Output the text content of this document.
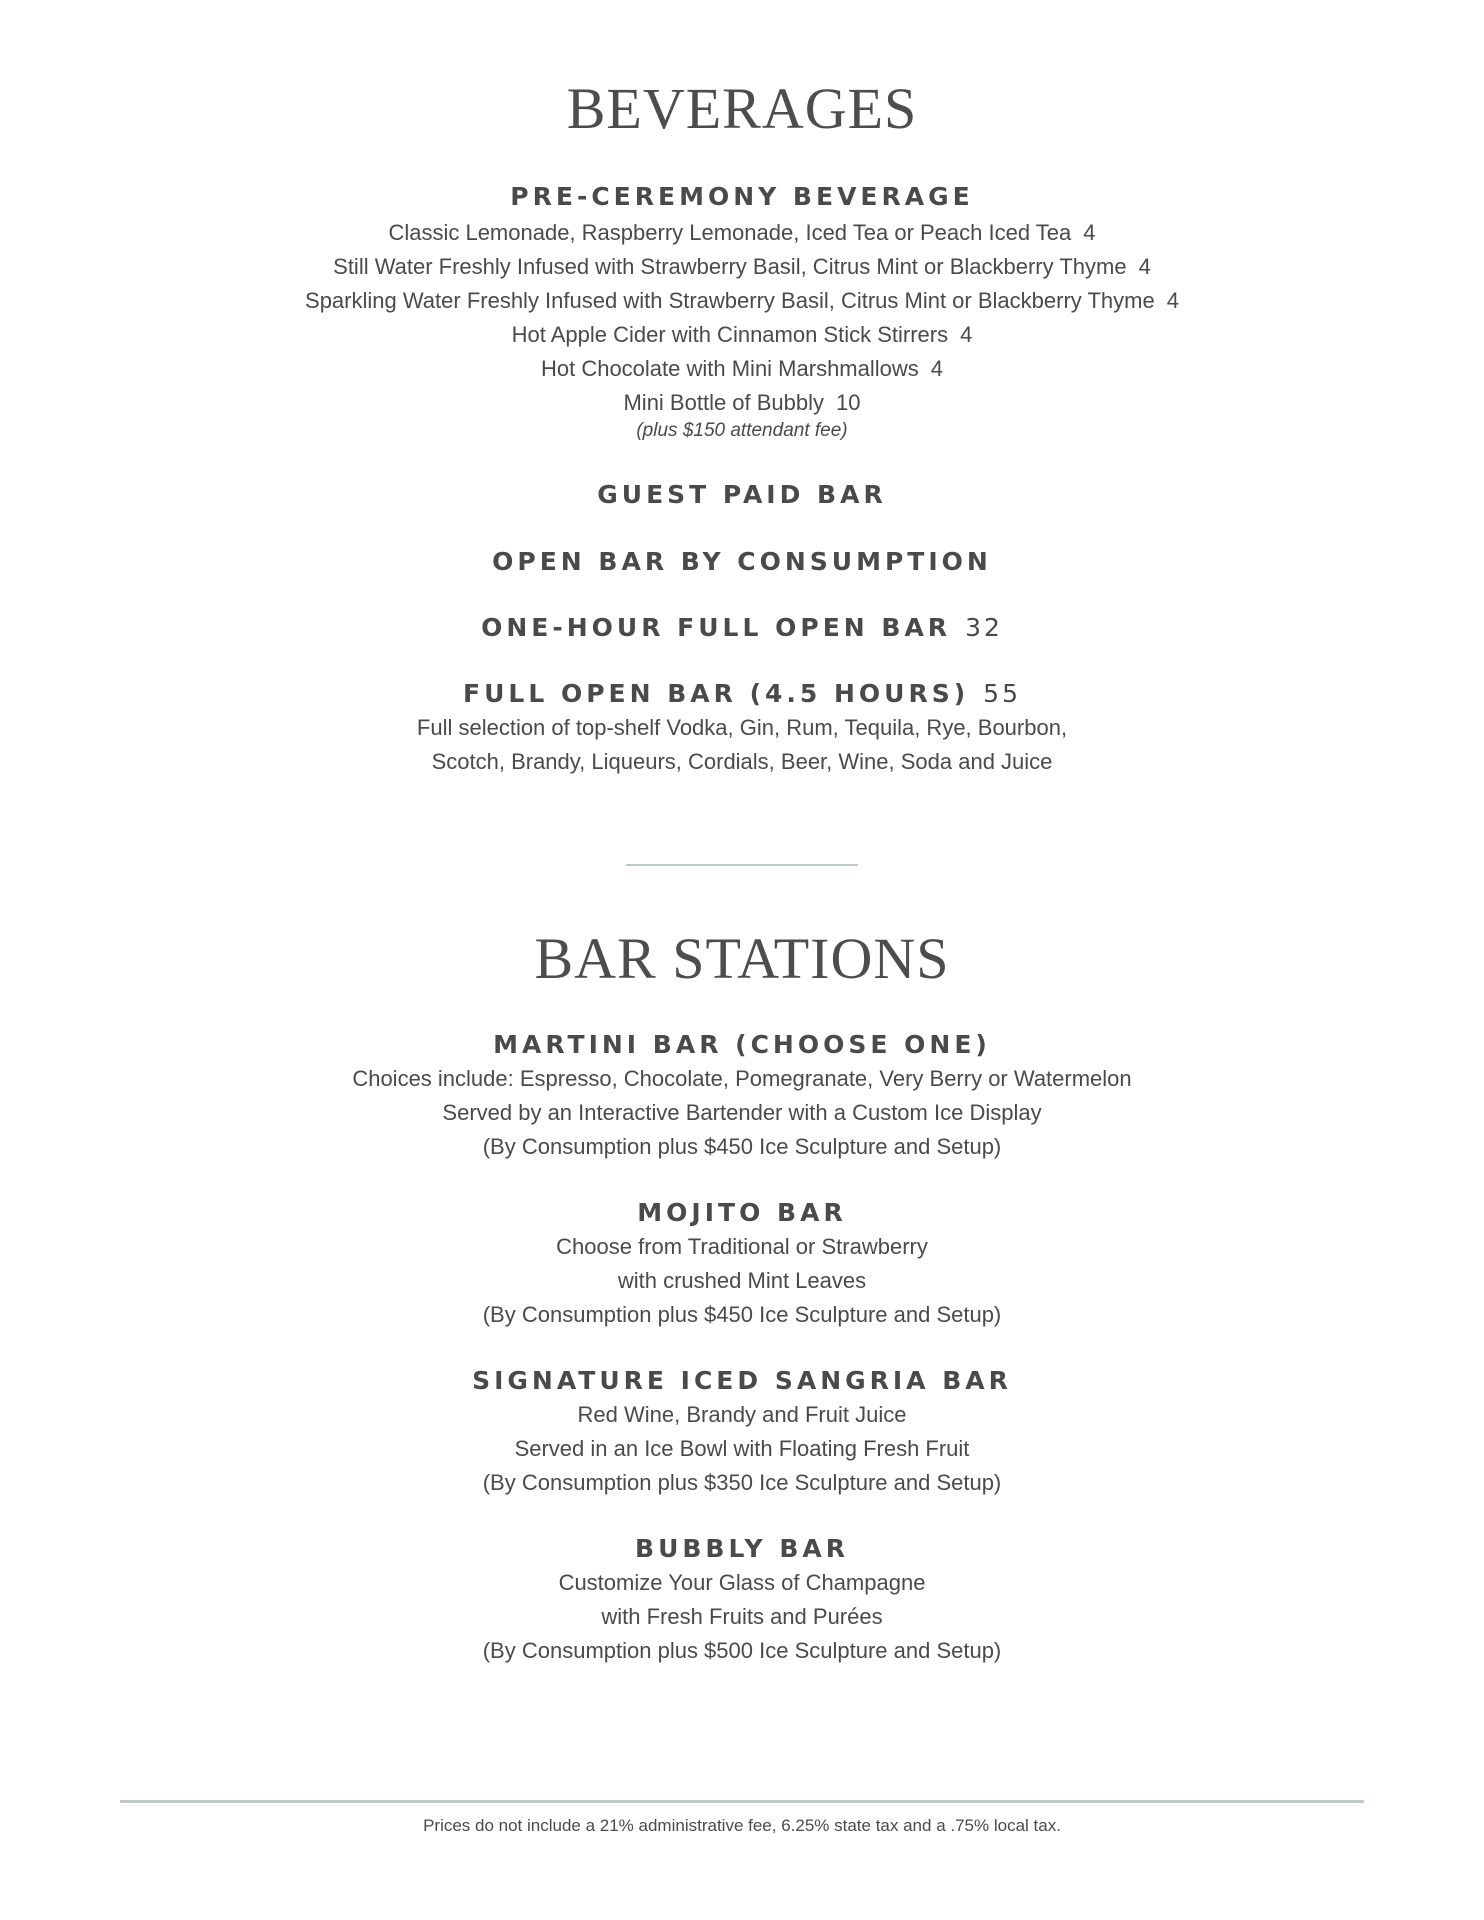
BEVERAGES
PRE-CEREMONY BEVERAGE
Classic Lemonade, Raspberry Lemonade, Iced Tea or Peach Iced Tea 4
Still Water Freshly Infused with Strawberry Basil, Citrus Mint or Blackberry Thyme 4
Sparkling Water Freshly Infused with Strawberry Basil, Citrus Mint or Blackberry Thyme 4
Hot Apple Cider with Cinnamon Stick Stirrers 4
Hot Chocolate with Mini Marshmallows 4
Mini Bottle of Bubbly 10
(plus $150 attendant fee)
GUEST PAID BAR
OPEN BAR BY CONSUMPTION
ONE-HOUR FULL OPEN BAR 32
FULL OPEN BAR (4.5 HOURS) 55
Full selection of top-shelf Vodka, Gin, Rum, Tequila, Rye, Bourbon,
Scotch, Brandy, Liqueurs, Cordials, Beer, Wine, Soda and Juice
BAR STATIONS
MARTINI BAR (CHOOSE ONE)
Choices include: Espresso, Chocolate, Pomegranate, Very Berry or Watermelon
Served by an Interactive Bartender with a Custom Ice Display
(By Consumption plus $450 Ice Sculpture and Setup)
MOJITO BAR
Choose from Traditional or Strawberry
with crushed Mint Leaves
(By Consumption plus $450 Ice Sculpture and Setup)
SIGNATURE ICED SANGRIA BAR
Red Wine, Brandy and Fruit Juice
Served in an Ice Bowl with Floating Fresh Fruit
(By Consumption plus $350 Ice Sculpture and Setup)
BUBBLY BAR
Customize Your Glass of Champagne
with Fresh Fruits and Purées
(By Consumption plus $500 Ice Sculpture and Setup)
Prices do not include a 21% administrative fee, 6.25% state tax and a .75% local tax.
